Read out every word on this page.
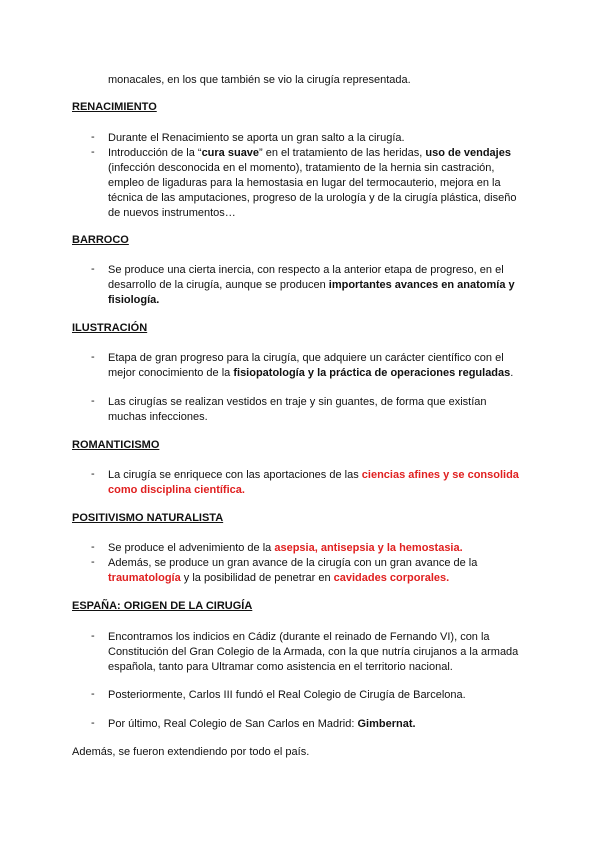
monacales, en los que también se vio la cirugía representada.
RENACIMIENTO
- Durante el Renacimiento se aporta un gran salto a la cirugía.
- Introducción de la “cura suave” en el tratamiento de las heridas, uso de vendajes
(infección desconocida en el momento), tratamiento de la hernia sin castración,
empleo de ligaduras para la hemostasia en lugar del termocauterio, mejora en la
técnica de las amputaciones, progreso de la urología y de la cirugía plástica, diseño
de nuevos instrumentos…
BARROCO
- Se produce una cierta inercia, con respecto a la anterior etapa de progreso, en el
desarrollo de la cirugía, aunque se producen importantes avances en anatomía y
fisiología.
ILUSTRACIÓN
- Etapa de gran progreso para la cirugía, que adquiere un carácter científico con el
mejor conocimiento de la fisiopatología y la práctica de operaciones reguladas.
- Las cirugías se realizan vestidos en traje y sin guantes, de forma que existían
muchas infecciones.
ROMANTICISMO
- La cirugía se enriquece con las aportaciones de las ciencias afines y se consolida
como disciplina científica.
POSITIVISMO NATURALISTA
- Se produce el advenimiento de la asepsia, antisepsia y la hemostasia.
- Además, se produce un gran avance de la cirugía con un gran avance de la
traumatología y la posibilidad de penetrar en cavidades corporales.
ESPAÑA: ORIGEN DE LA CIRUGÍA
- Encontramos los indicios en Cádiz (durante el reinado de Fernando VI), con la
Constitución del Gran Colegio de la Armada, con la que nutría cirujanos a la armada
española, tanto para Ultramar como asistencia en el territorio nacional.
- Posteriormente, Carlos III fundó el Real Colegio de Cirugía de Barcelona.
- Por último, Real Colegio de San Carlos en Madrid: Gimbernat.
Además, se fueron extendiendo por todo el país.
